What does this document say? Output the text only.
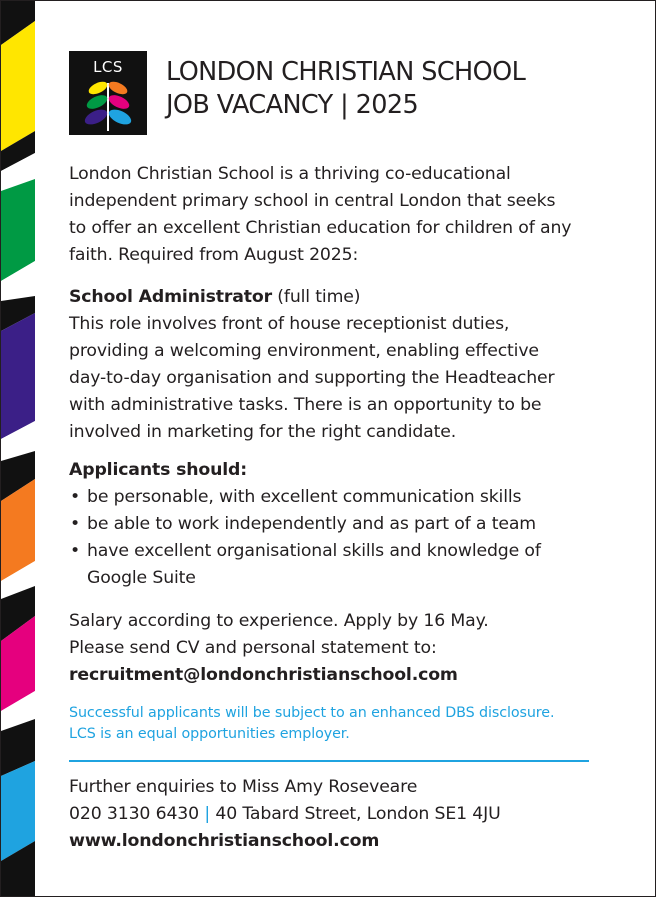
LCS	LONDON CHRISTIAN SCHOOL
JOB VACANCY | 2025

London Christian School is a thriving co-educational
independent primary school in central London that seeks
to offer an excellent Christian education for children of any
faith. Required from August 2025:

School Administrator (full time)
This role involves front of house receptionist duties,
providing a welcoming environment, enabling effective
day-to-day organisation and supporting the Headteacher
with administrative tasks. There is an opportunity to be
involved in marketing for the right candidate.
Applicants should:
• be personable, with excellent communication skills
• be able to work independently and as part of a team
• have excellent organisational skills and knowledge of
Google Suite
Salary according to experience. Apply by 16 May.
Please send CV and personal statement to:
recruitment@londonchristianschool.com
Successful applicants will be subject to an enhanced DBS disclosure.
LCS is an equal opportunities employer.
Further enquiries to Miss Amy Roseveare
020 3130 6430 | 40 Tabard Street, London SE1 4JU
www.londonchristianschool.com
